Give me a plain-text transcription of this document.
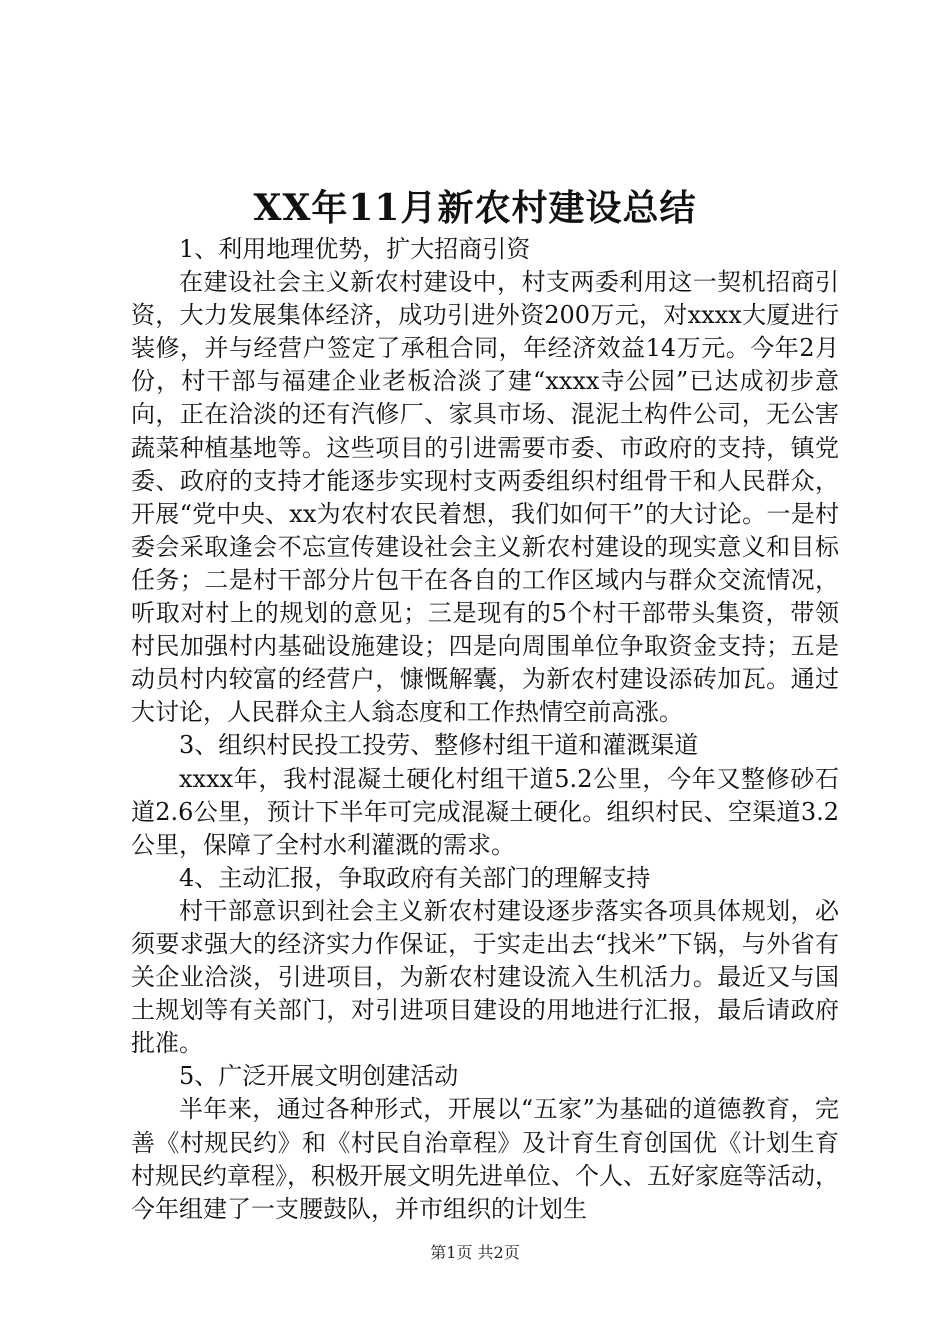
XX年11月新农村建设总结

1、利用地理优势，扩大招商引资

在建设社会主义新农村建设中，村支两委利用这一契机招商引资，大力发展集体经济，成功引进外资200万元，对xxxx大厦进行装修，并与经营户签定了承租合同，年经济效益14万元。今年2月份，村干部与福建企业老板洽淡了建“xxxx寺公园”已达成初步意向，正在洽淡的还有汽修厂、家具市场、混泥土构件公司，无公害蔬菜种植基地等。这些项目的引进需要市委、市政府的支持，镇党委、政府的支持才能逐步实现村支两委组织村组骨干和人民群众，开展“党中央、xx为农村农民着想，我们如何干”的大讨论。一是村委会采取逢会不忘宣传建设社会主义新农村建设的现实意义和目标任务；二是村干部分片包干在各自的工作区域内与群众交流情况，听取对村上的规划的意见；三是现有的5个村干部带头集资，带领村民加强村内基础设施建设；四是向周围单位争取资金支持；五是动员村内较富的经营户，慷慨解囊，为新农村建设添砖加瓦。通过大讨论，人民群众主人翁态度和工作热情空前高涨。

3、组织村民投工投劳、整修村组干道和灌溉渠道

xxxx年，我村混凝土硬化村组干道5.2公里，今年又整修砂石道2.6公里，预计下半年可完成混凝土硬化。组织村民、空渠道3.2公里，保障了全村水利灌溉的需求。

4、主动汇报，争取政府有关部门的理解支持

村干部意识到社会主义新农村建设逐步落实各项具体规划，必须要求强大的经济实力作保证，于实走出去“找米”下锅，与外省有关企业洽淡，引进项目，为新农村建设流入生机活力。最近又与国土规划等有关部门，对引进项目建设的用地进行汇报，最后请政府批准。

5、广泛开展文明创建活动

半年来，通过各种形式，开展以“五家”为基础的道德教育，完善《村规民约》和《村民自治章程》及计育生育创国优《计划生育村规民约章程》，积极开展文明先进单位、个人、五好家庭等活动，今年组建了一支腰鼓队，并市组织的计划生

第1页 共2页
